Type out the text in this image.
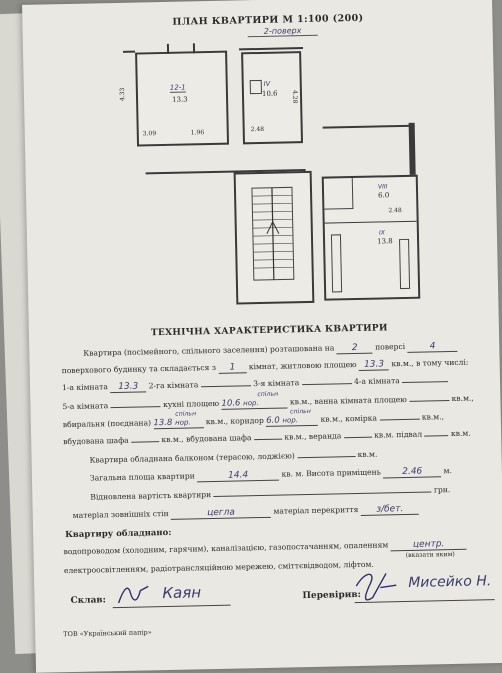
ПЛАН КВАРТИРИ М 1:100 (200)
2-поверх
12-1
13.3
4.33
3.09	1.96
IV
10.6 4.28
2.48
VIII
6.0
2.48
IX
13.8
ТЕХНІЧНА ХАРАКТЕРИСТИКА КВАРТИРИ
Квартира (посімейного, спільного заселення) розташована на 2 поверсі	4
поверхового будинку та складається з 1 кімнат, житловою площею 13.3 кв.м., в тому числі:
1-а кімната 13.3 2-га кімната	3-я кімната	4-а кімната
5-а кімната	кухні площею 10.6 нор.
спільн
кв.м., ванна кімната площею	кв.м.,
вбиральня (поєднана) 13.8 нор.
спільн
кв.м., коридор 6.0 нор.
спільн
кв.м., комірка	кв.м.,
вбудована шафа	кв.м., вбудована шафа	кв.м., веранда	кв.м. підвал	кв.м.
Квартира обладнана балконом (терасою, лоджією)	кв.м.
Загальна площа квартири	14.4	кв. м. Висота приміщень 2.46	м.
Відновлена вартість квартири  грн.
матеріал зовнішніх стін	цегла	матеріал перекриття з/бет.
Квартиру обладнано:
водопроводом (холодним, гарячим), каналізацією, газопостачанням, опаленням	центр.
(вказати яким)
електроосвітленням, радіотрансляційною мережею, сміттєвідводом, ліфтом.
Склав:	Каян	Перевірив:
Мисейко Н.
ТОВ «Український папір»
